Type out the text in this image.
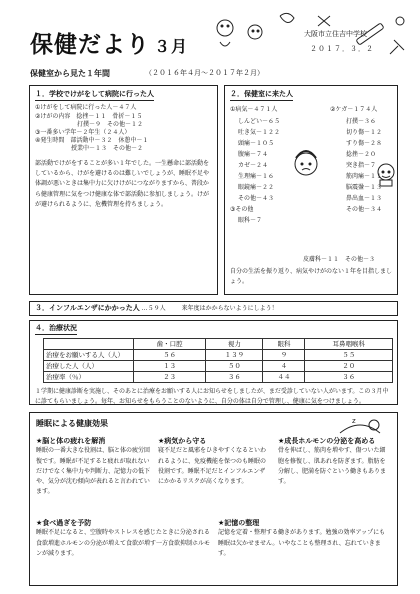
保健だより ３月
大阪市立住吉中学校
２０１７．３．２
保健室から見た１年間	（２０１６年４月～２０１７年２月）
１．学校でけがをして病院に行った人
①けがをして病院に行った人－４７人
②けがの内容　捻挫－１１　骨折－１５
　　　　　　　打撲－９　その他－１２
③一番多い学年－２年生（２４人）
④発生時間　部活動中－３２　休憩中－１
　　　　　　授業中－１３　その他－２
部活動でけがをすることが多い１年でした。一生懸命に部活動をしているから、けがを避けるのは難しいでしょうが、睡眠不足や体調が悪いときは集中力に欠けけがにつながりますから、普段から健康管理に気をつけ健康な体で部活動に参加しましょう。けがが避けられるように、危機管理を持ちましょう。
２．保健室に来た人
①病気－４７１人
しんどい－６５
吐き気－１２２
頭痛－１０５
腹痛－７４
カゼ－２４
生理痛－１６
眼鏡痛－２２
その他－４３
③その他
眼科－７
②ケガ－１７４人
打撲－３６
切り傷－１２
すり傷－２８
捻挫－２０
突き指－７
筋肉痛－１１
脳震盪－１３
鼻出血－１３
その他－３４
皮膚科－１１　その他－３
自分の生活を振り返り、病気やけがのない１年を目指しましょう。
３．インフルエンザにかかった人 …５９人	来年度はかからないようにしよう！
４．治療状況
	歯・口腔	視力	眼科	耳鼻咽喉科
治療をお願いする人（人）	５６	１３９	９	５５
治療した人（人）	１３	５０	４	２０
治療率（％）	２３	３６	４４	３６
１学期に健康診断を実施し、そのあとに治療をお願いする人にお知らせをしましたが、まだ受診していない人がいます。この３月中に診てもらいましょう。毎年、お知らせをもらうことのないように、自分の体は自分で管理し、健康に気をつけましょう。
睡眠による健康効果
★脳と体の疲れを解消
睡眠の一番大きな役割は、脳と体の疲労回復です。睡眠が不足すると疲れが取れないだけでなく集中力や判断力、記憶力の低下や、気分が沈む傾向が表れると言われています。
★病気から守る
寝不足だと風邪をひきやすくなるといわれるように、免疫機能を保つのも睡眠の役割です。睡眠不足だとインフルエンザにかかるリスクが高くなります。
★成長ホルモンの分泌を高める
骨を伸ばし、筋肉を増やす、傷ついた細胞を修復し、肌あれを防ぎます。脂肪を分解し、肥満を防ぐという働きもあります。
★食べ過ぎを予防
睡眠不足になると、空腹時やストレスを感じたときに分泌される食欲増進ホルモンの分泌が増えて食欲が増す一方食欲抑制ホルモンが減ります。
★記憶の整理
記憶を定着・整理する働きがあります。勉強の効率アップにも睡眠は欠かせません。いやなことも整理され、忘れていきます。
z
